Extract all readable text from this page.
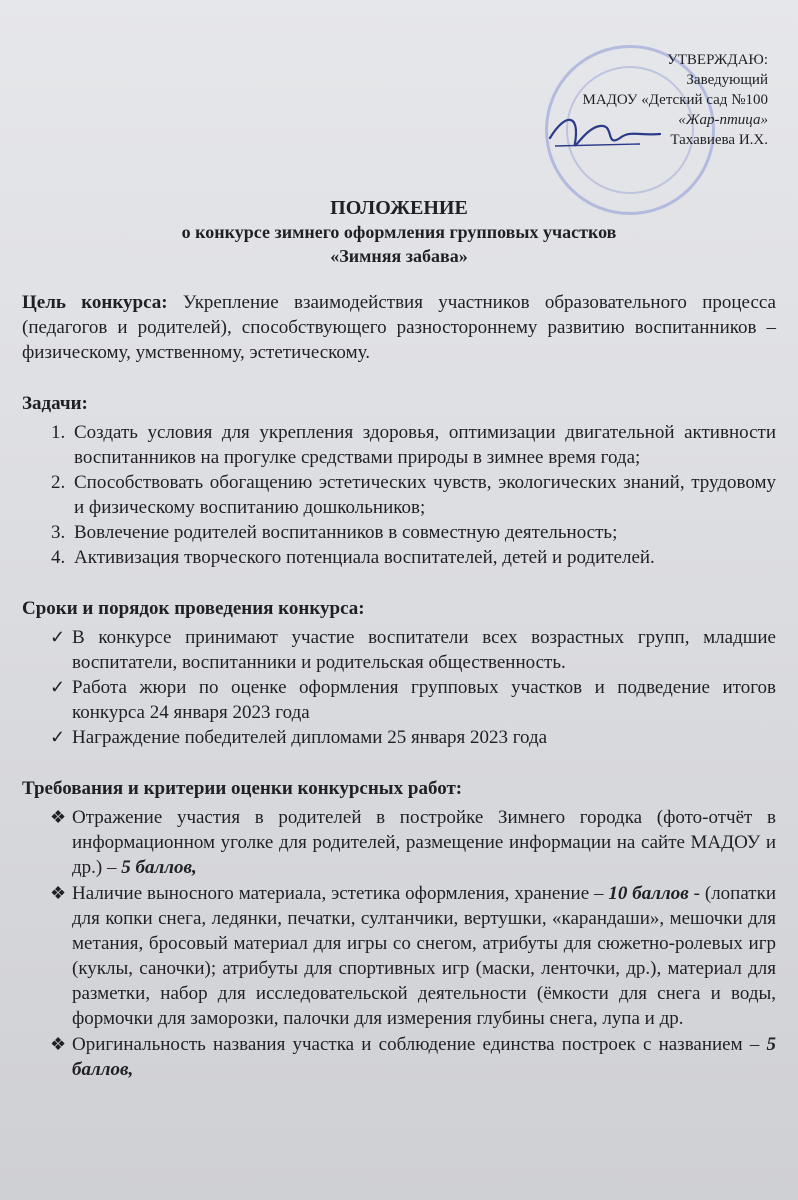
УТВЕРЖДАЮ:
Заведующий
МАДОУ «Детский сад №100
«Жар-птица»
Тахавиева И.Х.
ПОЛОЖЕНИЕ
о конкурсе зимнего оформления групповых участков
«Зимняя забава»

Цель конкурса: Укрепление взаимодействия участников образовательного процесса (педагогов и родителей), способствующего разностороннему развитию воспитанников – физическому, умственному, эстетическому.

Задачи:
1. Создать условия для укрепления здоровья, оптимизации двигательной активности воспитанников на прогулке средствами природы в зимнее время года;
2. Способствовать обогащению эстетических чувств, экологических знаний, трудовому и физическому воспитанию дошкольников;
3. Вовлечение родителей воспитанников в совместную деятельность;
4. Активизация творческого потенциала воспитателей, детей и родителей.
Сроки и порядок проведения конкурса:
✓ В конкурсе принимают участие воспитатели всех возрастных групп, младшие воспитатели, воспитанники и родительская общественность.
✓ Работа жюри по оценке оформления групповых участков и подведение итогов конкурса 24 января 2023 года
✓ Награждение победителей дипломами 25 января 2023 года
Требования и критерии оценки конкурсных работ:
❖ Отражение участия в родителей в постройке Зимнего городка (фото-отчёт в информационном уголке для родителей, размещение информации на сайте МАДОУ и др.) – 5 баллов,
❖ Наличие выносного материала, эстетика оформления, хранение – 10 баллов - (лопатки для копки снега, ледянки, печатки, султанчики, вертушки, «карандаши», мешочки для метания, бросовый материал для игры со снегом, атрибуты для сюжетно-ролевых игр (куклы, саночки); атрибуты для спортивных игр (маски, ленточки, др.), материал для разметки, набор для исследовательской деятельности (ёмкости для снега и воды, формочки для заморозки, палочки для измерения глубины снега, лупа и др.
❖ Оригинальность названия участка и соблюдение единства построек с названием – 5 баллов,
